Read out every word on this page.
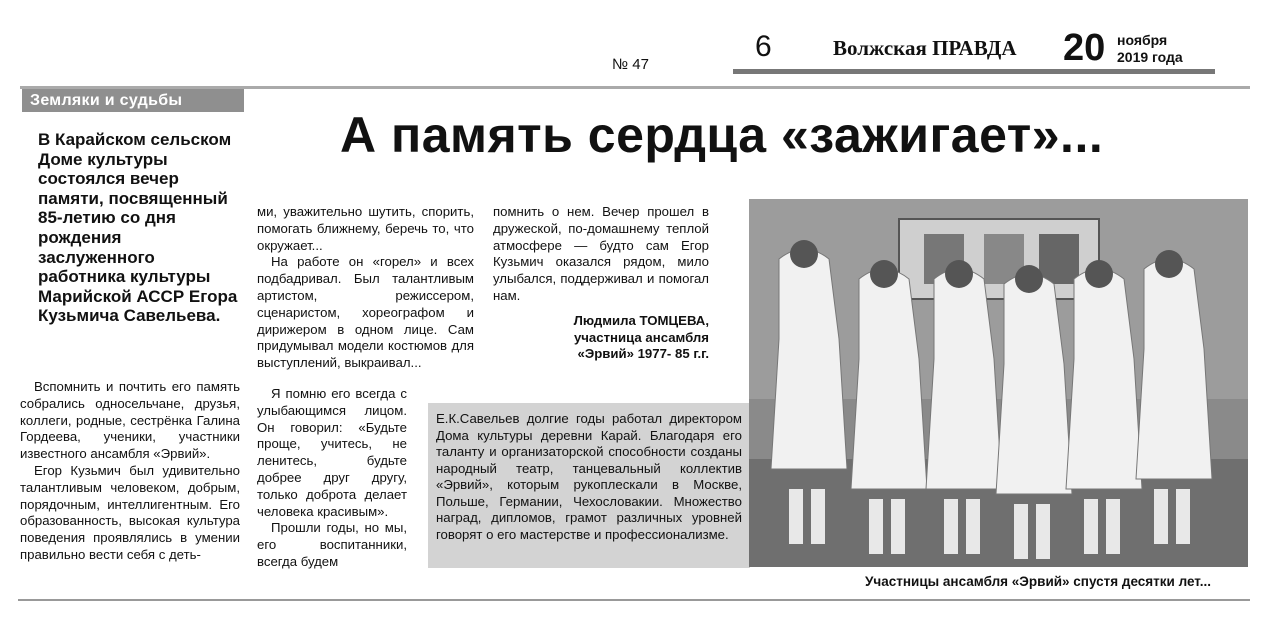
№ 47
6	Волжская ПРАВДА 20 ноября
2019 года
Земляки и судьбы
А память сердца «зажигает»...
В Карайском сельском Доме культуры состоялся вечер памяти, посвященный 85-летию со дня рождения заслуженного работника культуры Марийской АССР Егора Кузьмича Савельева.

Вспомнить и почтить его память собрались односельчане, друзья, коллеги, родные, сестрёнка Галина Гордеева, ученики, участники известного ансамбля «Эрвий».

Егор Кузьмич был удивительно талантливым человеком, добрым, порядочным, интеллигентным. Его образованность, высокая культура поведения проявлялись в умении правильно вести себя с деть-

ми, уважительно шутить, спорить, помогать ближнему, беречь то, что окружает...

На работе он «горел» и всех подбадривал. Был талантливым артистом, режиссером, сценаристом, хореографом и дирижером в одном лице. Сам придумывал модели костюмов для выступлений, выкраивал...

Я помню его всегда с улыбающимся лицом. Он говорил: «Будьте проще, учитесь, не ленитесь, будьте добрее друг другу, только доброта делает человека красивым».

Прошли годы, но мы, его воспитанники, всегда будем

помнить о нем. Вечер прошел в дружеской, по-домашнему теплой атмосфере — будто сам Егор Кузьмич оказался рядом, мило улыбался, поддерживал и помогал нам.

Людмила ТОМЦЕВА,
участница ансамбля
«Эрвий» 1977- 85 г.г.
Е.К.Савельев долгие годы работал директором Дома культуры деревни Карай. Благодаря его таланту и организаторской способности созданы народный театр, танцевальный коллектив «Эрвий», которым рукоплескали в Москве, Польше, Германии, Чехословакии. Множество наград, дипломов, грамот различных уровней говорят о его мастерстве и профессионализме.
Участницы ансамбля «Эрвий» спустя десятки лет...
